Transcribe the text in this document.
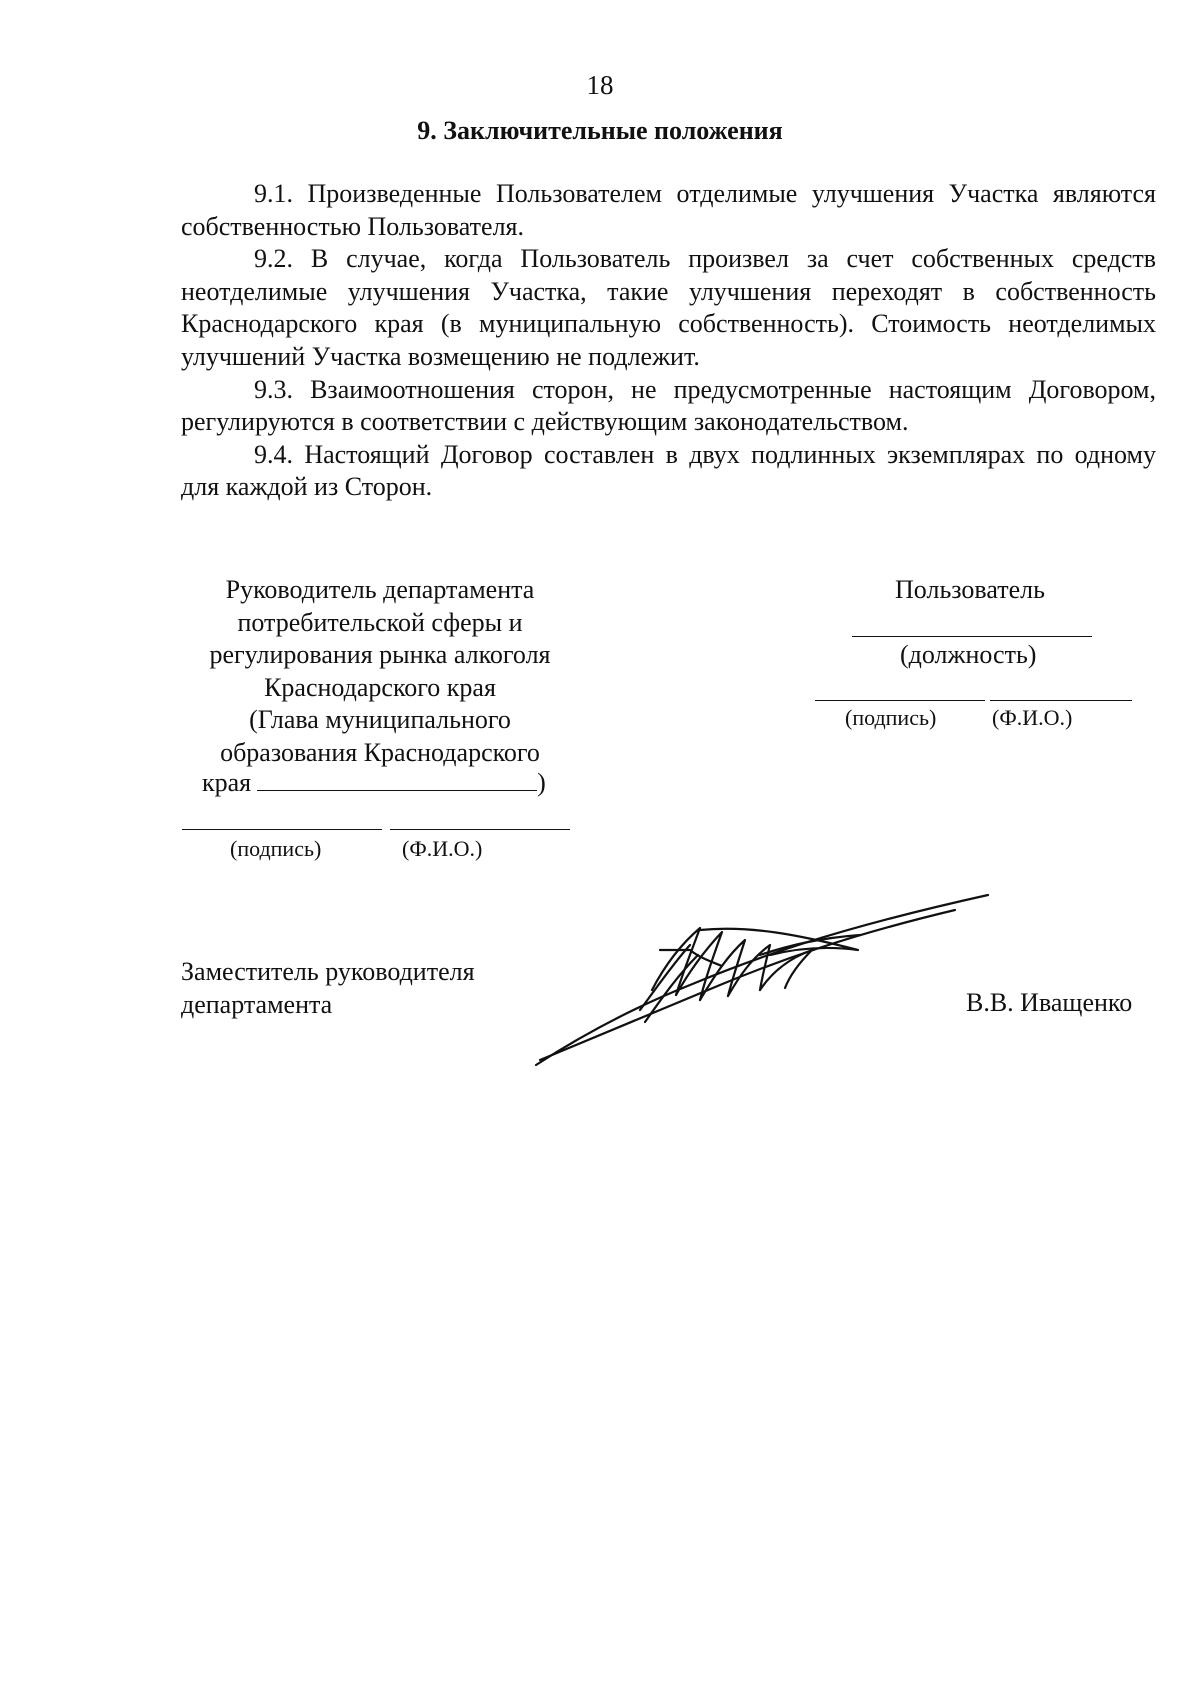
18
9. Заключительные положения

9.1. Произведенные Пользователем отделимые улучшения Участка являются собственностью Пользователя.

9.2. В случае, когда Пользователь произвел за счет собственных средств неотделимые улучшения Участка, такие улучшения переходят в собственность Краснодарского края (в муниципальную собственность). Стоимость неотделимых улучшений Участка возмещению не подлежит.

9.3. Взаимоотношения сторон, не предусмотренные настоящим Договором, регулируются в соответствии с действующим законодательством.

9.4. Настоящий Договор составлен в двух подлинных экземплярах по одному для каждой из Сторон.

Руководитель департамента
потребительской сферы и
регулирования рынка алкоголя
Краснодарского края
(Глава муниципального
образования Краснодарского
края	)
(подпись)	(Ф.И.О.)
Пользователь
(должность)
(подпись)	(Ф.И.О.)
Заместитель руководителя
департамента	В.В. Иващенко
